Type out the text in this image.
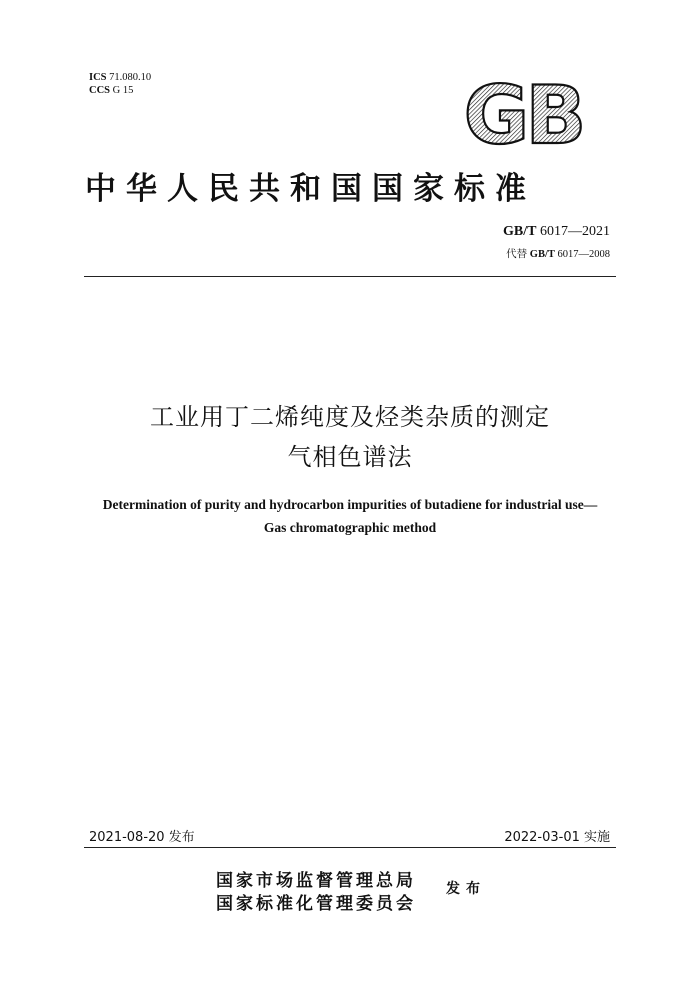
ICS 71.080.10
CCS G 15	GB
中华人民共和国国家标准
GB/T 6017—2021
代替 GB/T 6017—2008
工业用丁二烯纯度及烃类杂质的测定
气相色谱法
Determination of purity and hydrocarbon impurities of butadiene for industrial use—
Gas chromatographic method
2021-08-20 发布	2022-03-01 实施
国家市场监督管理总局
国家标准化管理委员会
发布
